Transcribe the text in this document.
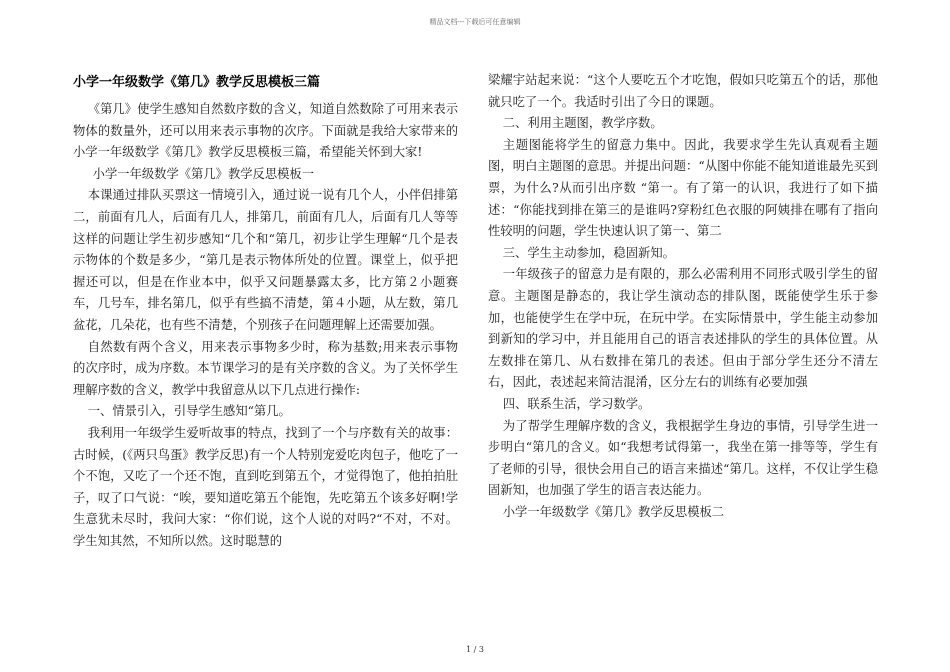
精品文档---下载后可任意编辑
小学一年级数学《第几》教学反思模板三篇

《第几》使学生感知自然数序数的含义，知道自然数除了可用来表示物体的数量外，还可以用来表示事物的次序。下面就是我给大家带来的小学一年级数学《第几》教学反思模板三篇，希望能关怀到大家!

小学一年级数学《第几》教学反思模板一

本课通过排队买票这一情境引入，通过说一说有几个人，小伴侣排第二，前面有几人，后面有几人，排第几，前面有几人，后面有几人等等这样的问题让学生初步感知“几个和“第几，初步让学生理解“几个是表示物体的个数是多少，“第几是表示物体所处的位置。课堂上，似乎把握还可以，但是在作业本中，似乎又问题暴露太多，比方第２小题赛车，几号车，排名第几，似乎有些搞不清楚，第４小题，从左数，第几盆花，几朵花，也有些不清楚，个别孩子在问题理解上还需要加强。

自然数有两个含义，用来表示事物多少时，称为基数;用来表示事物的次序时，成为序数。本节课学习的是有关序数的含义。为了关怀学生理解序数的含义，教学中我留意从以下几点进行操作:

一、情景引入，引导学生感知“第几。

我利用一年级学生爱听故事的特点，找到了一个与序数有关的故事：古时候，(《两只鸟蛋》教学反思)有一个人特别宠爱吃肉包子，他吃了一个不饱，又吃了一个还不饱，直到吃到第五个，才觉得饱了，他拍拍肚子，叹了口气说：“唉，要知道吃第五个能饱，先吃第五个该多好啊!学生意犹未尽时，我问大家：“你们说，这个人说的对吗?“不对，不对。学生知其然，不知所以然。这时聪慧的

梁耀宇站起来说：“这个人要吃五个才吃饱，假如只吃第五个的话，那他就只吃了一个。我适时引出了今日的课题。

二、利用主题图，教学序数。

主题图能将学生的留意力集中。因此，我要求学生先认真观看主题图，明白主题图的意思。并提出问题：“从图中你能不能知道谁最先买到票，为什么?从而引出序数 “第一。有了第一的认识，我进行了如下描述：“你能找到排在第三的是谁吗?穿粉红色衣服的阿姨排在哪有了指向性较明的问题，学生快速认识了第一、第二

三、学生主动参加，稳固新知。

一年级孩子的留意力是有限的，那么必需利用不同形式吸引学生的留意。主题图是静态的，我让学生演动态的排队图，既能使学生乐于参加，也能使学生在学中玩，在玩中学。在实际情景中，学生能主动参加到新知的学习中，并且能用自己的语言表述排队的学生的具体位置。从左数排在第几、从右数排在第几的表述。但由于部分学生还分不清左右，因此，表述起来简洁混淆，区分左右的训练有必要加强

四、联系生活，学习数学。

为了帮学生理解序数的含义，我根据学生身边的事情，引导学生进一步明白“第几的含义。如“我想考试得第一，我坐在第一排等等，学生有了老师的引导，很快会用自己的语言来描述“第几。这样，不仅让学生稳固新知，也加强了学生的语言表达能力。

小学一年级数学《第几》教学反思模板二

1 / 3
